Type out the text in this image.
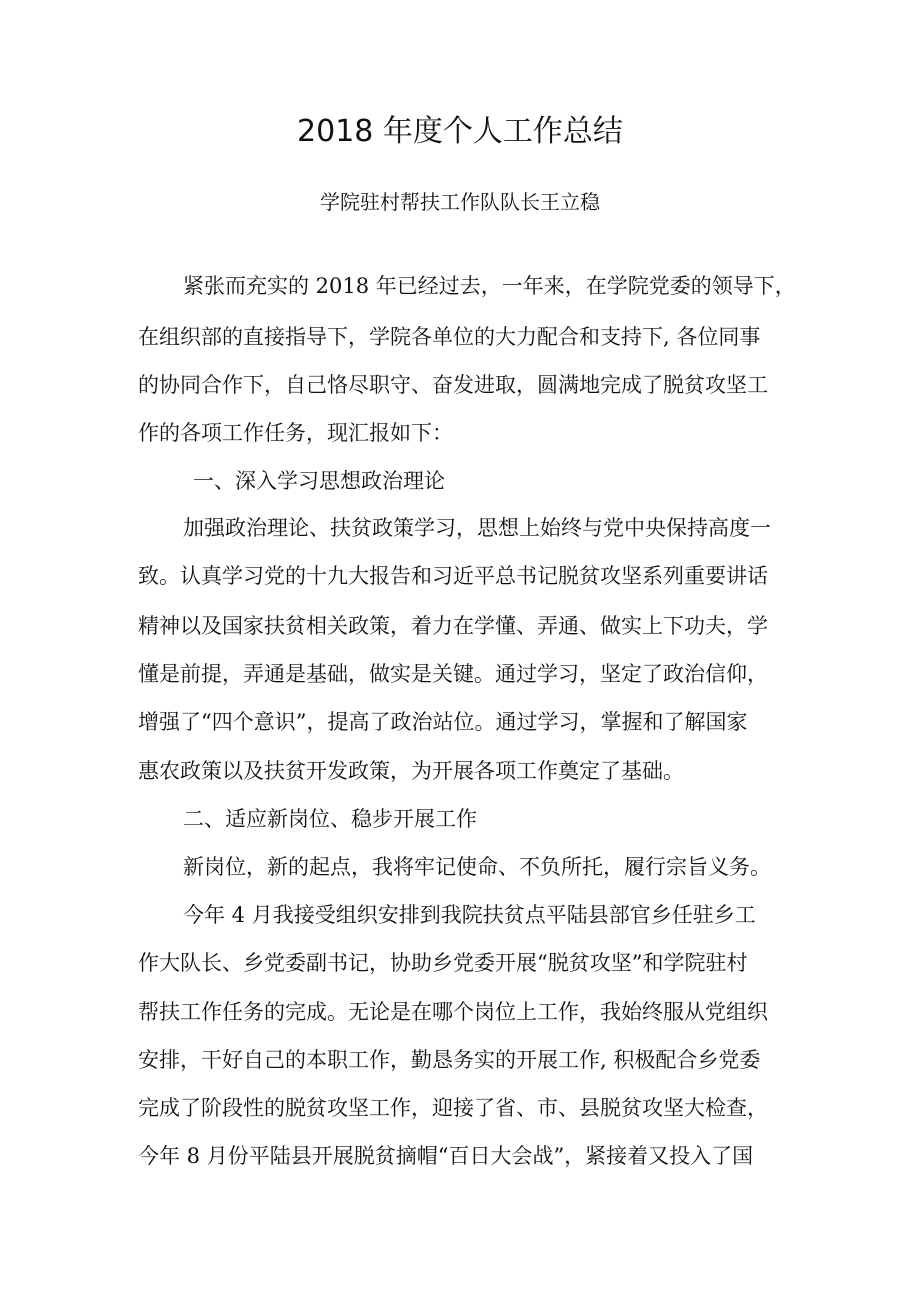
2018 年度个人工作总结
学院驻村帮扶工作队队长王立稳
紧张而充实的 2018 年已经过去，一年来，在学院党委的领导下，
在组织部的直接指导下，学院各单位的大力配合和支持下, 各位同事
的协同合作下，自己恪尽职守、奋发进取，圆满地完成了脱贫攻坚工
作的各项工作任务，现汇报如下：
一、深入学习思想政治理论
加强政治理论、扶贫政策学习，思想上始终与党中央保持高度一
致。认真学习党的十九大报告和习近平总书记脱贫攻坚系列重要讲话
精神以及国家扶贫相关政策，着力在学懂、弄通、做实上下功夫，学
懂是前提，弄通是基础，做实是关键。通过学习，坚定了政治信仰，
增强了“四个意识”，提高了政治站位。通过学习，掌握和了解国家
惠农政策以及扶贫开发政策，为开展各项工作奠定了基础。
二、适应新岗位、稳步开展工作
新岗位，新的起点，我将牢记使命、不负所托，履行宗旨义务。
今年 4 月我接受组织安排到我院扶贫点平陆县部官乡任驻乡工
作大队长、乡党委副书记，协助乡党委开展“脱贫攻坚”和学院驻村
帮扶工作任务的完成。无论是在哪个岗位上工作，我始终服从党组织
安排，干好自己的本职工作，勤恳务实的开展工作, 积极配合乡党委
完成了阶段性的脱贫攻坚工作，迎接了省、市、县脱贫攻坚大检查，
今年 8 月份平陆县开展脱贫摘帽“百日大会战”，紧接着又投入了国
